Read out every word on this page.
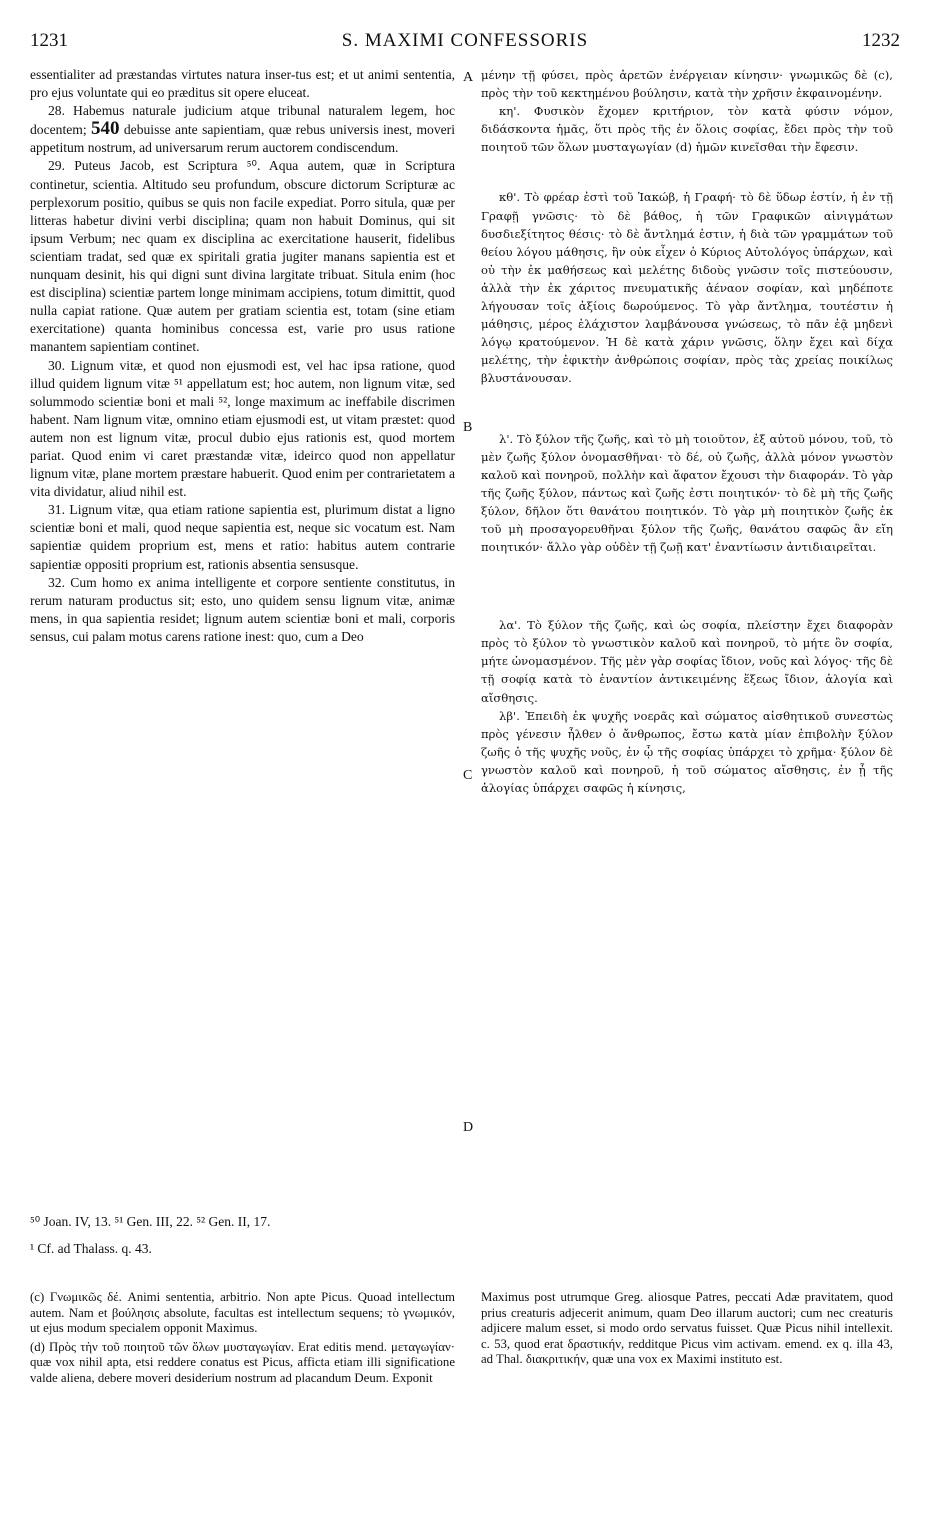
1231	S. MAXIMI CONFESSORIS	1232

essentialiter ad præstandas virtutes natura inser-tus est; et ut animi sententia, pro ejus voluntate qui eo præditus sit opere eluceat.

28. Habemus naturale judicium atque tribunal naturalem legem, hoc docentem; 540 debuisse ante sapientiam, quæ rebus universis inest, moveri appetitum nostrum, ad universarum rerum auctorem condiscendum.

29. Puteus Jacob, est Scriptura ⁵⁰. Aqua autem, quæ in Scriptura continetur, scientia. Altitudo seu profundum, obscure dictorum Scripturæ ac perplexorum positio, quibus se quis non facile expediat. Porro situla, quæ per litteras habetur divini verbi disciplina; quam non habuit Dominus, qui sit ipsum Verbum; nec quam ex disciplina ac exercitatione hauserit, fidelibus scientiam tradat, sed quæ ex spiritali gratia jugiter manans sapientia est et nunquam desinit, his qui digni sunt divina largitate tribuat. Situla enim (hoc est disciplina) scientiæ partem longe minimam accipiens, totum dimittit, quod nulla capiat ratione. Quæ autem per gratiam scientia est, totam (sine etiam exercitatione) quanta hominibus concessa est, varie pro usus ratione manantem sapientiam continet.

30. Lignum vitæ, et quod non ejusmodi est, vel hac ipsa ratione, quod illud quidem lignum vitæ ⁵¹ appellatum est; hoc autem, non lignum vitæ, sed solummodo scientiæ boni et mali ⁵², longe maximum ac ineffabile discrimen habent. Nam lignum vitæ, omnino etiam ejusmodi est, ut vitam præstet: quod autem non est lignum vitæ, procul dubio ejus rationis est, quod mortem pariat. Quod enim vi caret præstandæ vitæ, ideirco quod non appellatur lignum vitæ, plane mortem præstare habuerit. Quod enim per contrarietatem a vita dividatur, aliud nihil est.

31. Lignum vitæ, qua etiam ratione sapientia est, plurimum distat a ligno scientiæ boni et mali, quod neque sapientia est, neque sic vocatum est. Nam sapientiæ quidem proprium est, mens et ratio: habitus autem contrarie sapientiæ oppositi proprium est, rationis absentia sensusque.

32. Cum homo ex anima intelligente et corpore sentiente constitutus, in rerum naturam productus sit; esto, uno quidem sensu lignum vitæ, animæ mens, in qua sapientia residet; lignum autem scientiæ boni et mali, corporis sensus, cui palam motus carens ratione inest: quo, cum a Deo

A
B
C
D

μένην τῇ φύσει, πρὸς ἀρετῶν ἐνέργειαν κίνησιν· γνωμικῶς δὲ (c), πρὸς τὴν τοῦ κεκτημένου βούλησιν, κατὰ τὴν χρῆσιν ἐκφαινομένην.

κη'. Φυσικὸν ἔχομεν κριτήριον, τὸν κατὰ φύσιν νόμον, διδάσκοντα ἡμᾶς, ὅτι πρὸς τῆς ἐν ὅλοις σοφίας, ἔδει πρὸς τὴν τοῦ ποιητοῦ τῶν ὅλων μυσταγωγίαν (d) ἡμῶν κινεῖσθαι τὴν ἔφεσιν.

κθ'. Τὸ φρέαρ ἐστὶ τοῦ Ἰακώβ, ἡ Γραφή· τὸ δὲ ὕδωρ ἐστίν, ἡ ἐν τῇ Γραφῇ γνῶσις· τὸ δὲ βάθος, ἡ τῶν Γραφικῶν αἰνιγμάτων δυσδιεξίτητος θέσις· τὸ δὲ ἄντλημά ἐστιν, ἡ διὰ τῶν γραμμάτων τοῦ θείου λόγου μάθησις, ἣν οὐκ εἶχεν ὁ Κύριος Αὐτολόγος ὑπάρχων, καὶ οὐ τὴν ἐκ μαθήσεως καὶ μελέτης διδοὺς γνῶσιν τοῖς πιστεύουσιν, ἀλλὰ τὴν ἐκ χάριτος πνευματικῆς ἀέναον σοφίαν, καὶ μηδέποτε λήγουσαν τοῖς ἀξίοις δωρούμενος. Τὸ γὰρ ἄντλημα, τουτέστιν ἡ μάθησις, μέρος ἐλάχιστον λαμβάνουσα γνώσεως, τὸ πᾶν ἐᾷ μηδενὶ λόγῳ κρατούμενον. Ἡ δὲ κατὰ χάριν γνῶσις, ὅλην ἔχει καὶ δίχα μελέτης, τὴν ἐφικτὴν ἀνθρώποις σοφίαν, πρὸς τὰς χρείας ποικίλως βλυστάνουσαν.

λ'. Τὸ ξύλον τῆς ζωῆς, καὶ τὸ μὴ τοιοῦτον, ἐξ αὐτοῦ μόνου, τοῦ, τὸ μὲν ζωῆς ξύλον ὀνομασθῆναι· τὸ δέ, οὐ ζωῆς, ἀλλὰ μόνον γνωστὸν καλοῦ καὶ πονηροῦ, πολλὴν καὶ ἄφατον ἔχουσι τὴν διαφοράν. Τὸ γὰρ τῆς ζωῆς ξύλον, πάντως καὶ ζωῆς ἐστι ποιητικόν· τὸ δὲ μὴ τῆς ζωῆς ξύλον, δῆλον ὅτι θανάτου ποιητικόν. Τὸ γὰρ μὴ ποιητικὸν ζωῆς ἐκ τοῦ μὴ προσαγορευθῆναι ξύλον τῆς ζωῆς, θανάτου σαφῶς ἂν εἴη ποιητικόν· ἄλλο γὰρ οὐδὲν τῇ ζωῇ κατ' ἐναντίωσιν ἀντιδιαιρεῖται.

λα'. Τὸ ξύλον τῆς ζωῆς, καὶ ὡς σοφία, πλείστην ἔχει διαφορὰν πρὸς τὸ ξύλον τὸ γνωστικὸν καλοῦ καὶ πονηροῦ, τὸ μήτε ὂν σοφία, μήτε ὠνομασμένον. Τῆς μὲν γὰρ σοφίας ἴδιον, νοῦς καὶ λόγος· τῆς δὲ τῇ σοφίᾳ κατὰ τὸ ἐναντίον ἀντικειμένης ἕξεως ἴδιον, ἀλογία καὶ αἴσθησις.

λβ'. Ἐπειδὴ ἐκ ψυχῆς νοερᾶς καὶ σώματος αἰσθητικοῦ συνεστὼς πρὸς γένεσιν ἦλθεν ὁ ἄνθρωπος, ἔστω κατὰ μίαν ἐπιβολὴν ξύλον ζωῆς ὁ τῆς ψυχῆς νοῦς, ἐν ᾧ τῆς σοφίας ὑπάρχει τὸ χρῆμα· ξύλον δὲ γνωστὸν καλοῦ καὶ πονηροῦ, ἡ τοῦ σώματος αἴσθησις, ἐν ᾗ τῆς ἀλογίας ὑπάρχει σαφῶς ἡ κίνησις,

⁵⁰ Joan. IV, 13. ⁵¹ Gen. III, 22. ⁵² Gen. II, 17.
¹ Cf. ad Thalass. q. 43.

(c) Γνωμικῶς δέ. Animi sententia, arbitrio. Non apte Picus. Quoad intellectum autem. Nam et βούλησις absolute, facultas est intellectum sequens; τὸ γνωμικόν, ut ejus modum specialem opponit Maximus.

(d) Πρὸς τὴν τοῦ ποιητοῦ τῶν ὅλων μυσταγωγίαν. Erat editis mend. μεταγωγίαν· quæ vox nihil apta, etsi reddere conatus est Picus, afficta etiam illi significatione valde aliena, debere moveri desiderium nostrum ad placandum Deum. Exponit

Maximus post utrumque Greg. aliosque Patres, peccati Adæ pravitatem, quod prius creaturis adjecerit animum, quam Deo illarum auctori; cum nec creaturis adjicere malum esset, si modo ordo servatus fuisset. Quæ Picus nihil intellexit. c. 53, quod erat δραστικήν, redditque Picus vim activam. emend. ex q. illa 43, ad Thal. διακριτικήν, quæ una vox ex Maximi instituto est.
